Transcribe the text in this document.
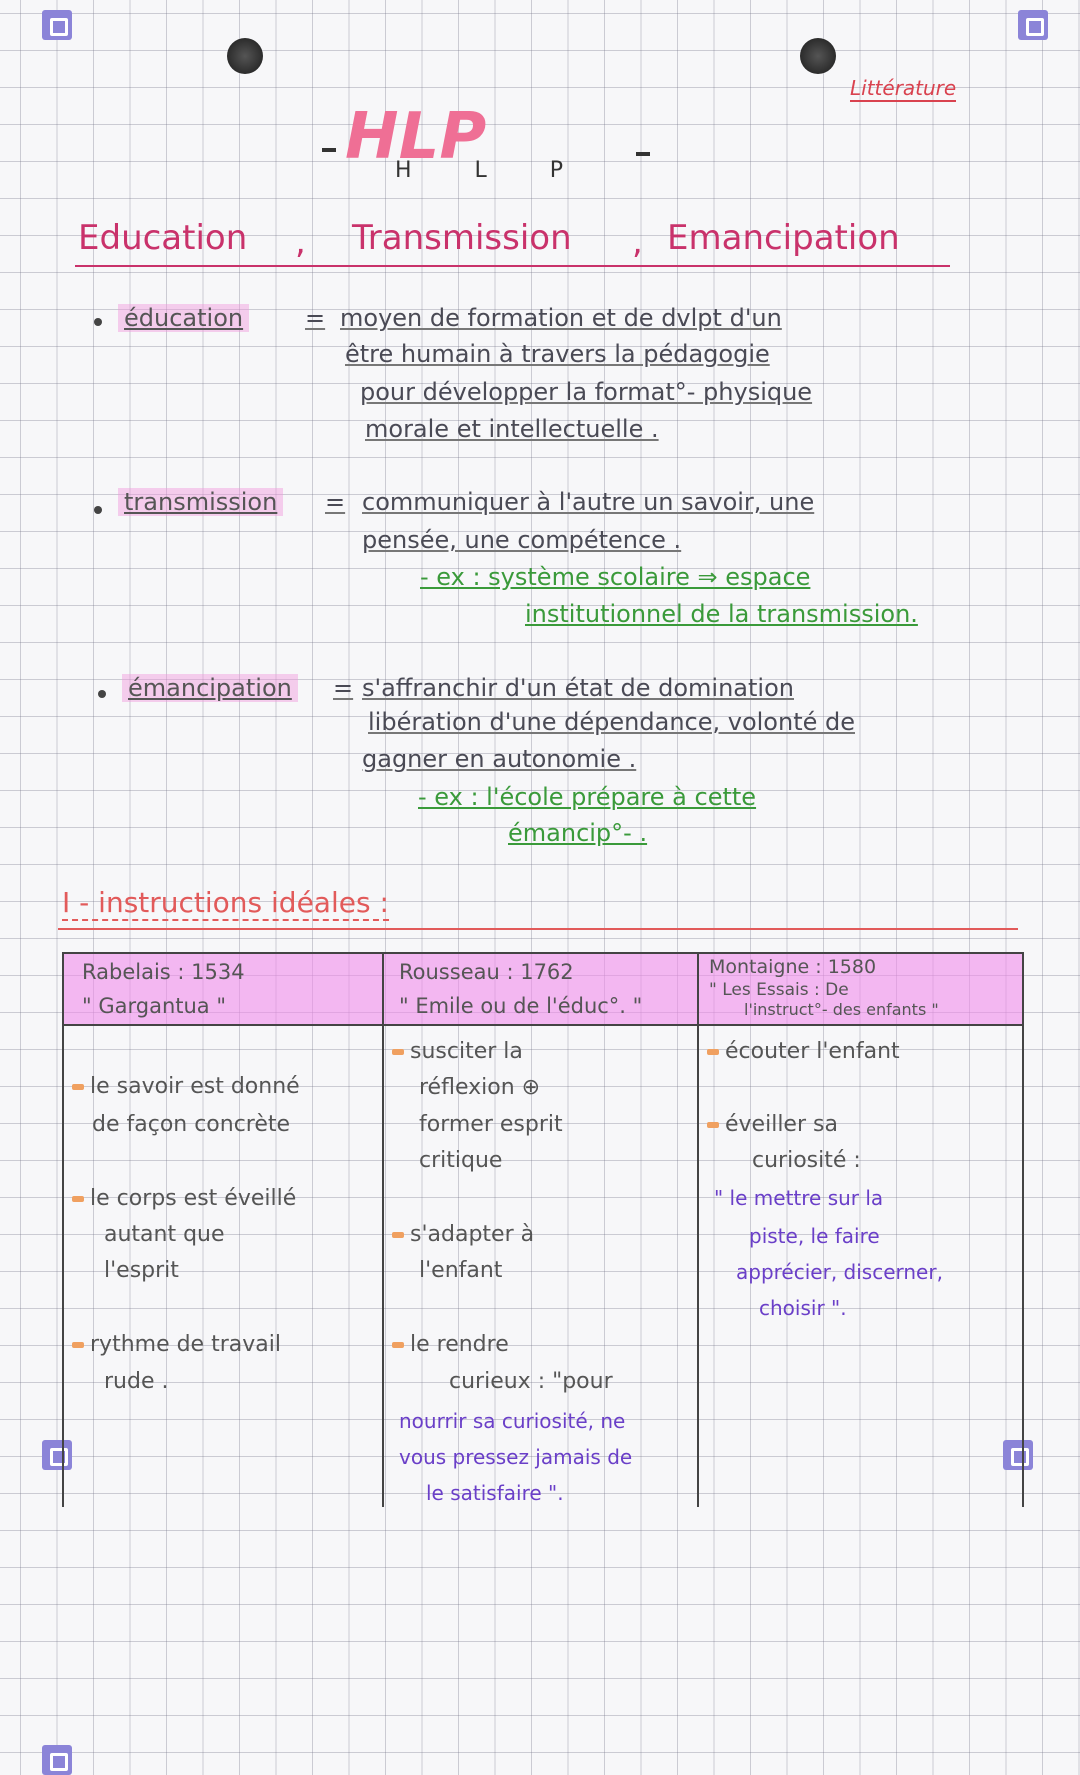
Littérature
HLP
H L P
Education , Transmission , Emancipation
éducation	= moyen de formation et de dvlpt d'un
être humain à travers la pédagogie
pour développer la format°- physique
morale et intellectuelle .
transmission = communiquer à l'autre un savoir, une
pensée, une compétence .
- ex : système scolaire ⇒ espace
institutionnel de la transmission.
émancipation = s'affranchir d'un état de domination
libération d'une dépendance, volonté de
gagner en autonomie .
- ex : l'école prépare à cette
émancip°- .
I - instructions idéales :
Rabelais : 1534
" Gargantua "
le savoir est donné
de façon concrète
le corps est éveillé
autant que
l'esprit
rythme de travail
rude .
Rousseau : 1762
" Emile ou de l'éduc°. "
susciter la
réflexion ⊕
former esprit
critique
s'adapter à
l'enfant
le rendre
curieux : "pour
nourrir sa curiosité, ne
vous pressez jamais de
le satisfaire ".
Montaigne : 1580
" Les Essais : De
l'instruct°- des enfants "
écouter l'enfant
éveiller sa
curiosité :
" le mettre sur la
piste, le faire
apprécier, discerner,
choisir ".
